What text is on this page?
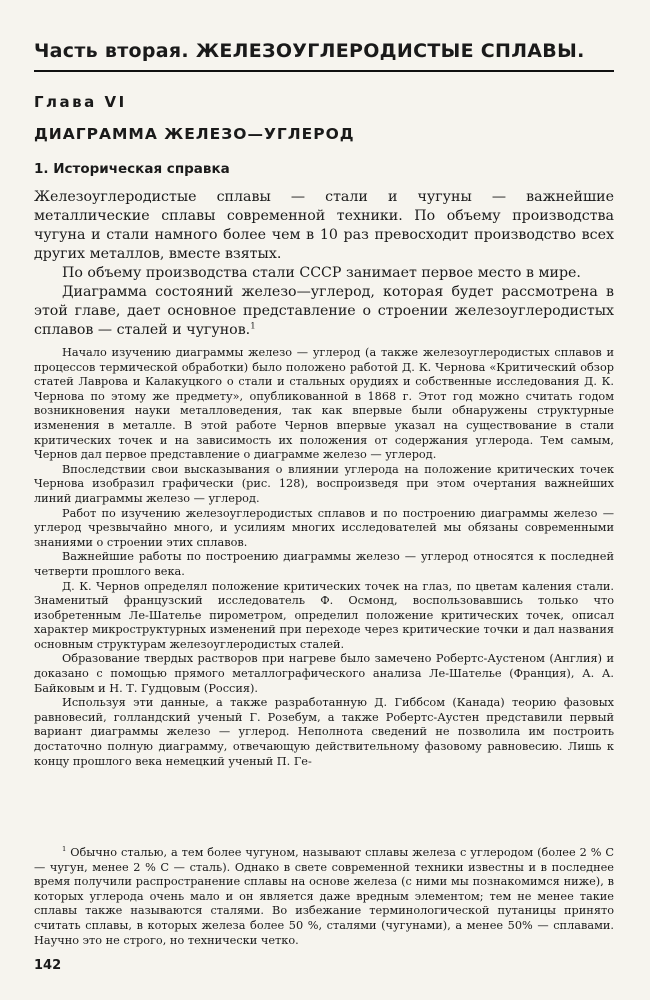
Часть вторая. ЖЕЛЕЗОУГЛЕРОДИСТЫЕ СПЛАВЫ.
Глава VI
ДИАГРАММА ЖЕЛЕЗО—УГЛЕРОД
1. Историческая справка

Железоуглеродистые сплавы — стали и чугуны — важнейшие металлические сплавы современной техники. По объему производства чугуна и стали намного более чем в 10 раз превосходит производство всех других металлов, вместе взятых.

По объему производства стали СССР занимает первое место в мире.

Диаграмма состояний железо—углерод, которая будет рассмотрена в этой главе, дает основное представление о строении железоуглеродистых сплавов — сталей и чугунов.$^1$

Начало изучению диаграммы железо — углерод (а также железоуглеродистых сплавов и процессов термической обработки) было положено работой Д. К. Чернова «Критический обзор статей Лаврова и Калакуцкого о стали и стальных орудиях и собственные исследования Д. К. Чернова по этому же предмету», опубликованной в 1868 г. Этот год можно считать годом возникновения науки металловедения, так как впервые были обнаружены структурные изменения в металле. В этой работе Чернов впервые указал на существование в стали критических точек и на зависимость их положения от содержания углерода. Тем самым, Чернов дал первое представление о диаграмме железо — углерод.

Впоследствии свои высказывания о влиянии углерода на положение критических точек Чернова изобразил графически (рис. 128), воспроизведя при этом очертания важнейших линий диаграммы железо — углерод.

Работ по изучению железоуглеродистых сплавов и по построению диаграммы железо — углерод чрезвычайно много, и усилиям многих исследователей мы обязаны современными знаниями о строении этих сплавов.

Важнейшие работы по построению диаграммы железо — углерод относятся к последней четверти прошлого века.

Д. К. Чернов определял положение критических точек на глаз, по цветам каления стали. Знаменитый французский исследователь Ф. Осмонд, воспользовавшись только что изобретенным Ле-Шателье пирометром, определил положение критических точек, описал характер микроструктурных изменений при переходе через критические точки и дал названия основным структурам железоуглеродистых сталей.

Образование твердых растворов при нагреве было замечено Робертс-Аустеном (Англия) и доказано с помощью прямого металлографического анализа Ле-Шателье (Франция), А. А. Байковым и Н. Т. Гудцовым (Россия).

Используя эти данные, а также разработанную Д. Гиббсом (Канада) теорию фазовых равновесий, голландский ученый Г. Розебум, а также Робертс-Аустен представили первый вариант диаграммы железо — углерод. Неполнота сведений не позволила им построить достаточно полную диаграмму, отвечающую действительному фазовому равновесию. Лишь к концу прошлого века немецкий ученый П. Ге-

$^1$ Обычно сталью, а тем более чугуном, называют сплавы железа с углеродом (более 2 % С — чугун, менее 2 % С — сталь). Однако в свете современной техники известны и в последнее время получили распространение сплавы на основе железа (с ними мы познакомимся ниже), в которых углерода очень мало и он является даже вредным элементом; тем не менее такие сплавы также называются сталями. Во избежание терминологической путаницы принято считать сплавы, в которых железа более 50 %, сталями (чугунами), а менее 50% — сплавами. Научно это не строго, но технически четко.

142
